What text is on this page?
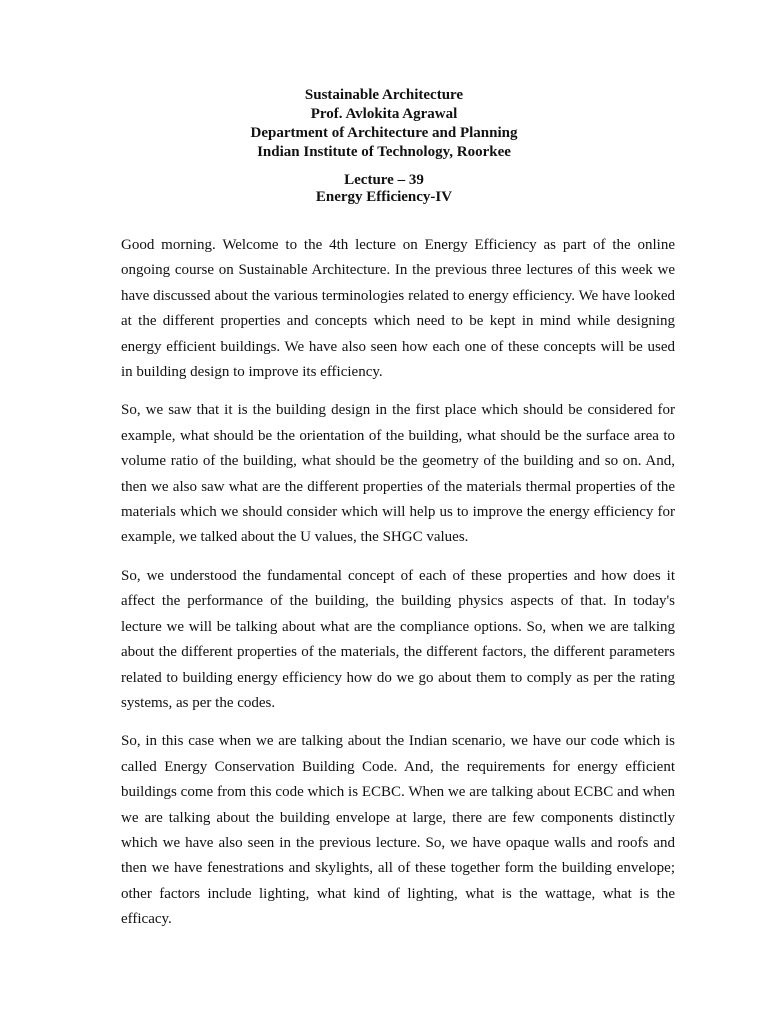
Sustainable Architecture
Prof. Avlokita Agrawal
Department of Architecture and Planning
Indian Institute of Technology, Roorkee
Lecture – 39
Energy Efficiency-IV

Good morning. Welcome to the 4th lecture on Energy Efficiency as part of the online ongoing course on Sustainable Architecture. In the previous three lectures of this week we have discussed about the various terminologies related to energy efficiency. We have looked at the different properties and concepts which need to be kept in mind while designing energy efficient buildings. We have also seen how each one of these concepts will be used in building design to improve its efficiency.

So, we saw that it is the building design in the first place which should be considered for example, what should be the orientation of the building, what should be the surface area to volume ratio of the building, what should be the geometry of the building and so on. And, then we also saw what are the different properties of the materials thermal properties of the materials which we should consider which will help us to improve the energy efficiency for example, we talked about the U values, the SHGC values.

So, we understood the fundamental concept of each of these properties and how does it affect the performance of the building, the building physics aspects of that. In today's lecture we will be talking about what are the compliance options. So, when we are talking about the different properties of the materials, the different factors, the different parameters related to building energy efficiency how do we go about them to comply as per the rating systems, as per the codes.

So, in this case when we are talking about the Indian scenario, we have our code which is called Energy Conservation Building Code. And, the requirements for energy efficient buildings come from this code which is ECBC. When we are talking about ECBC and when we are talking about the building envelope at large, there are few components distinctly which we have also seen in the previous lecture. So, we have opaque walls and roofs and then we have fenestrations and skylights, all of these together form the building envelope; other factors include lighting, what kind of lighting, what is the wattage, what is the efficacy.
